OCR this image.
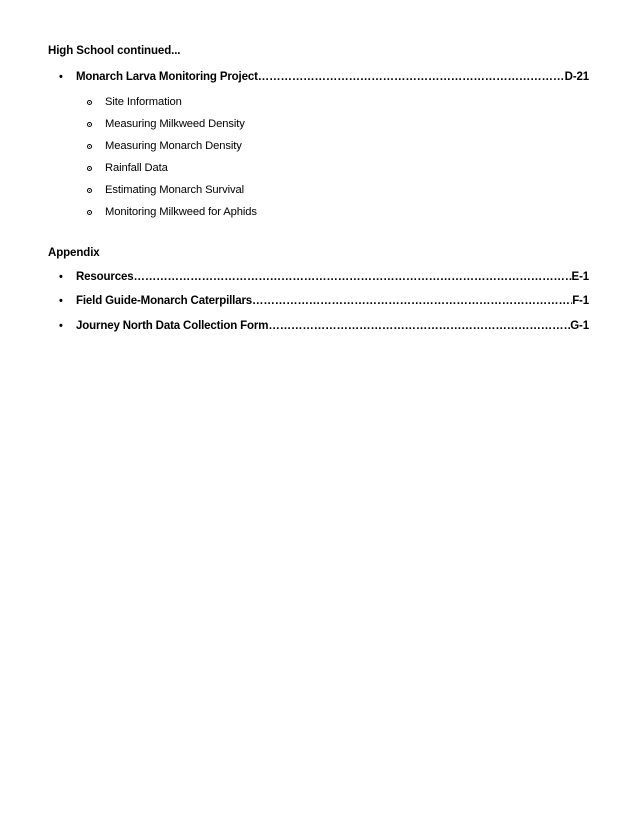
High School continued...
•	Monarch Larva Monitoring Project ……………………………………………………………………………………………………………………………………………………………………………………………………	D-21
Site Information
Measuring Milkweed Density
Measuring Monarch Density
Rainfall Data
Estimating Monarch Survival
Monitoring Milkweed for Aphids
Appendix
•	Resources ……………………………………………………………………………………………………………………………………………………………………………………………………	E-1
•	Field Guide-Monarch Caterpillars ……………………………………………………………………………………………………………………………………………………………………………………………………	F-1
•	Journey North Data Collection Form ……………………………………………………………………………………………………………………………………………………………………………………………………	G-1
